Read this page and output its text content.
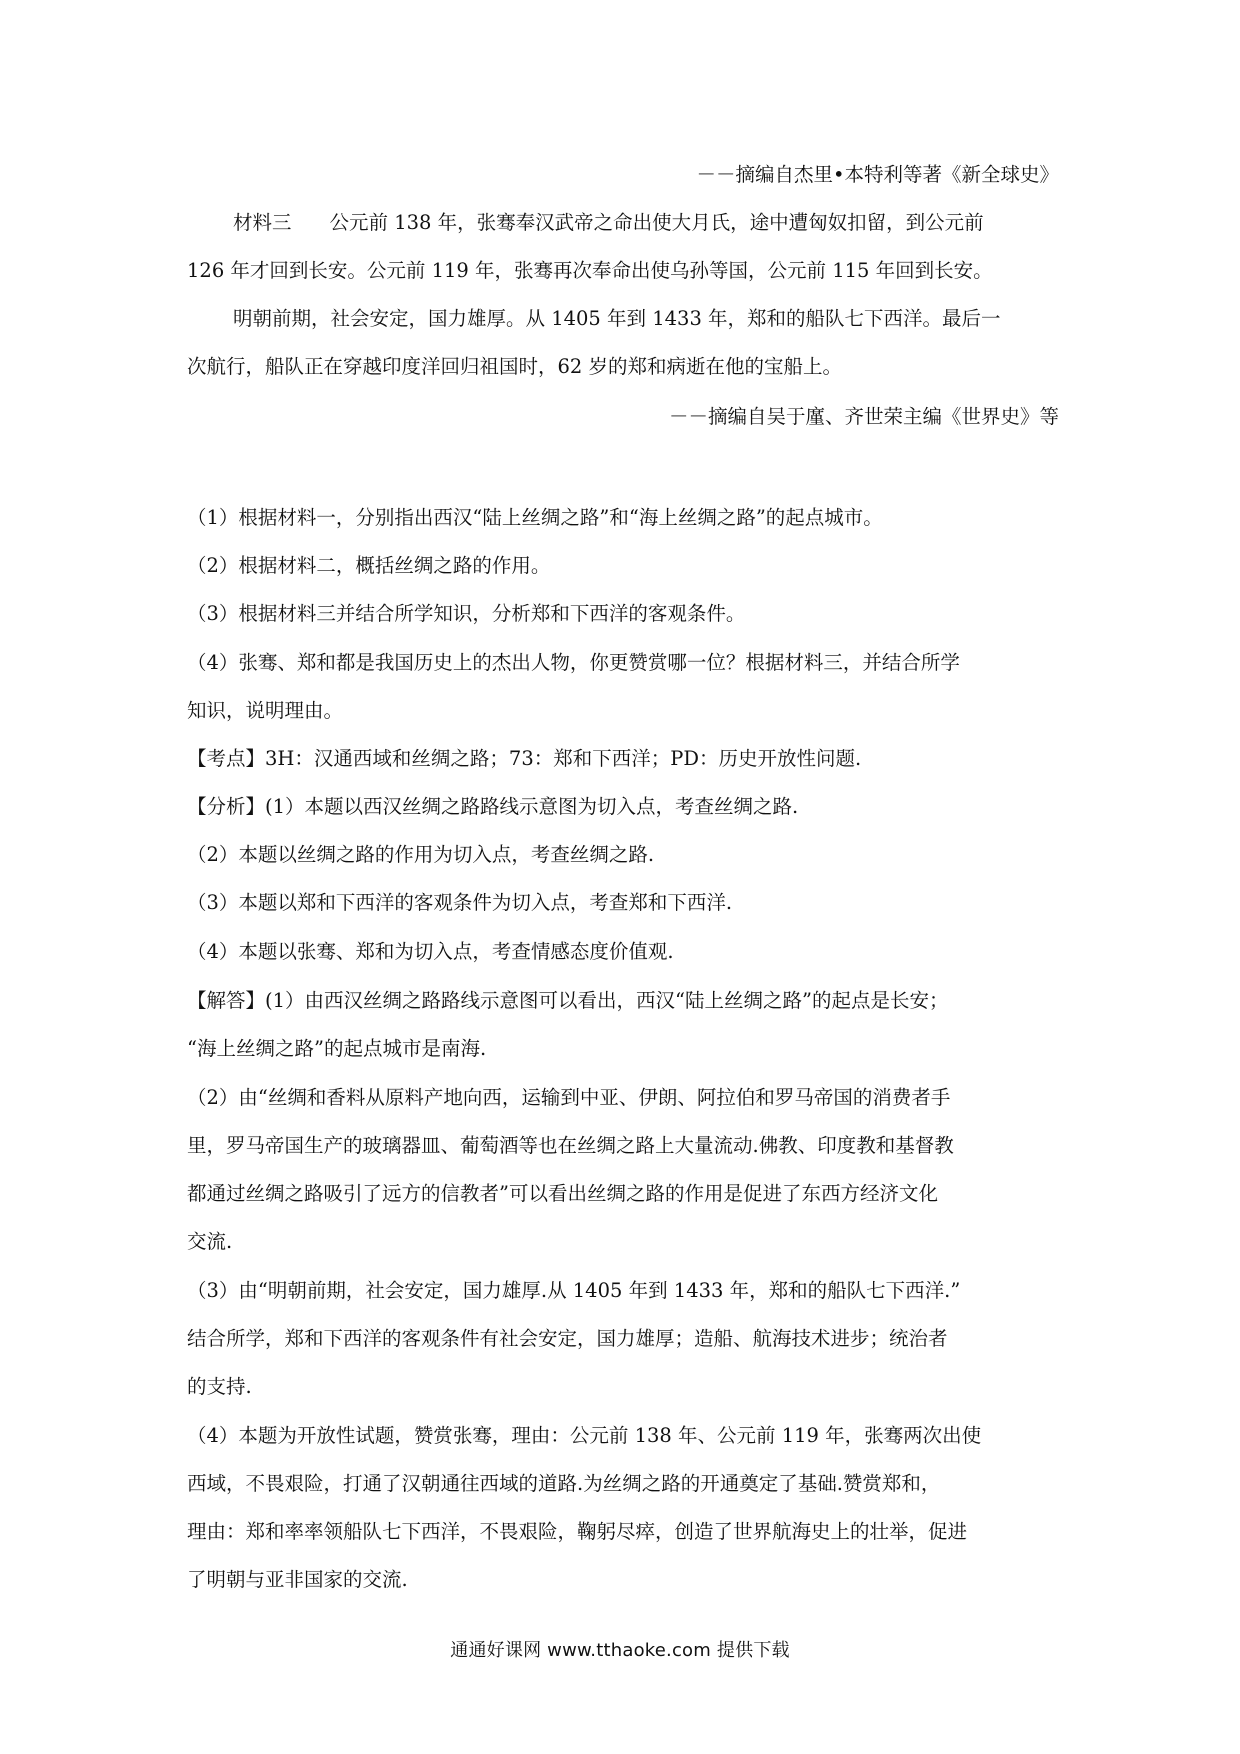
－－摘编自杰里•本特利等著《新全球史》
材料三 公元前 138 年，张骞奉汉武帝之命出使大月氏，途中遭匈奴扣留，到公元前
126 年才回到长安。公元前 119 年，张骞再次奉命出使乌孙等国，公元前 115 年回到长安。
明朝前期，社会安定，国力雄厚。从 1405 年到 1433 年，郑和的船队七下西洋。最后一
次航行，船队正在穿越印度洋回归祖国时，62 岁的郑和病逝在他的宝船上。
－－摘编自吴于廑、齐世荣主编《世界史》等
（1）根据材料一，分别指出西汉“陆上丝绸之路”和“海上丝绸之路”的起点城市。
（2）根据材料二，概括丝绸之路的作用。
（3）根据材料三并结合所学知识，分析郑和下西洋的客观条件。
（4）张骞、郑和都是我国历史上的杰出人物，你更赞赏哪一位？根据材料三，并结合所学
知识，说明理由。
【考点】3H：汉通西域和丝绸之路；73：郑和下西洋；PD：历史开放性问题.
【分析】(1）本题以西汉丝绸之路路线示意图为切入点，考查丝绸之路.
（2）本题以丝绸之路的作用为切入点，考查丝绸之路.
（3）本题以郑和下西洋的客观条件为切入点，考查郑和下西洋.
（4）本题以张骞、郑和为切入点，考查情感态度价值观.
【解答】(1）由西汉丝绸之路路线示意图可以看出，西汉“陆上丝绸之路”的起点是长安；
“海上丝绸之路”的起点城市是南海.
（2）由“丝绸和香料从原料产地向西，运输到中亚、伊朗、阿拉伯和罗马帝国的消费者手
里，罗马帝国生产的玻璃器皿、葡萄酒等也在丝绸之路上大量流动.佛教、印度教和基督教
都通过丝绸之路吸引了远方的信教者”可以看出丝绸之路的作用是促进了东西方经济文化
交流.
（3）由“明朝前期，社会安定，国力雄厚.从 1405 年到 1433 年，郑和的船队七下西洋.”
结合所学，郑和下西洋的客观条件有社会安定，国力雄厚；造船、航海技术进步；统治者
的支持.
（4）本题为开放性试题，赞赏张骞，理由：公元前 138 年、公元前 119 年，张骞两次出使
西域，不畏艰险，打通了汉朝通往西域的道路.为丝绸之路的开通奠定了基础.赞赏郑和，
理由：郑和率率领船队七下西洋，不畏艰险，鞠躬尽瘁，创造了世界航海史上的壮举，促进
了明朝与亚非国家的交流.
通通好课网 www.tthaoke.com 提供下载
